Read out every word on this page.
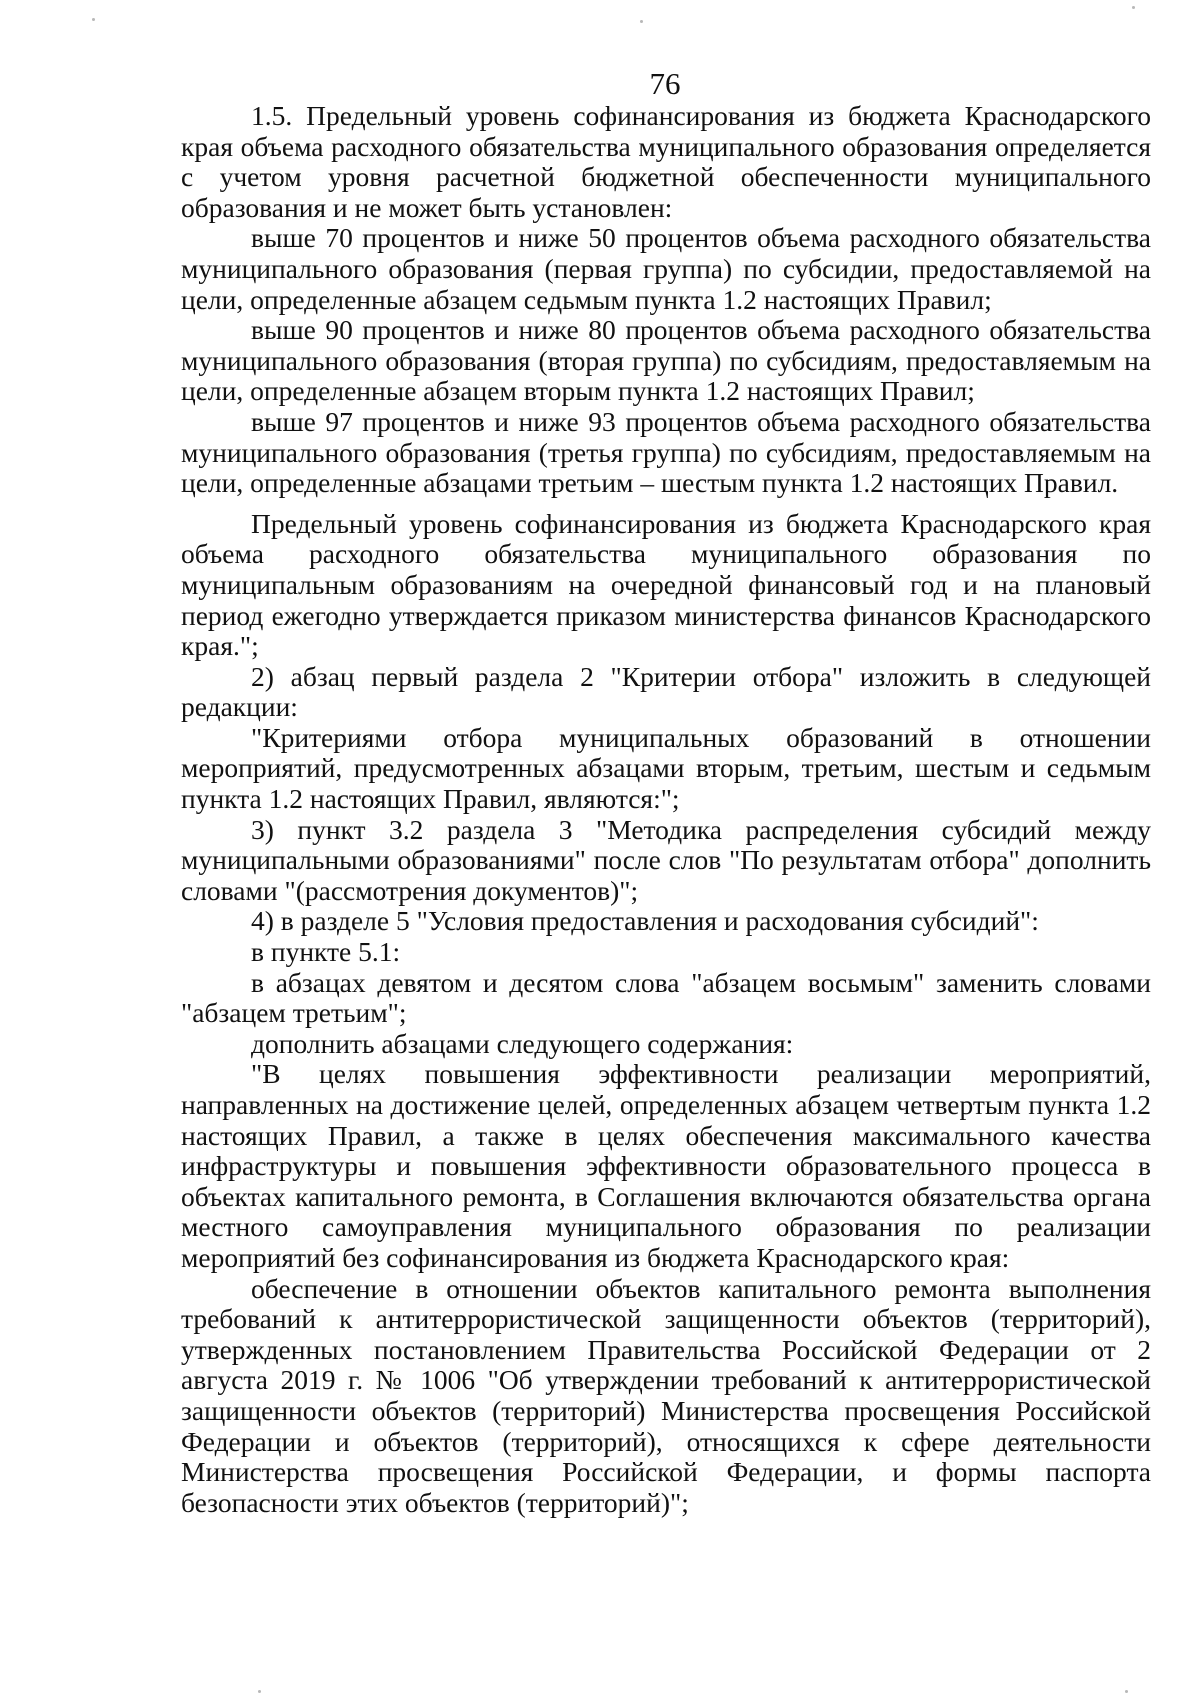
76

1.5. Предельный уровень софинансирования из бюджета Краснодарского края объема расходного обязательства муниципального образования определяется с учетом уровня расчетной бюджетной обеспеченности муниципального образования и не может быть установлен:

выше 70 процентов и ниже 50 процентов объема расходного обязательства муниципального образования (первая группа) по субсидии, предоставляемой на цели, определенные абзацем седьмым пункта 1.2 настоящих Правил;

выше 90 процентов и ниже 80 процентов объема расходного обязательства муниципального образования (вторая группа) по субсидиям, предоставляемым на цели, определенные абзацем вторым пункта 1.2 настоящих Правил;

выше 97 процентов и ниже 93 процентов объема расходного обязательства муниципального образования (третья группа) по субсидиям, предоставляемым на цели, определенные абзацами третьим – шестым пункта 1.2 настоящих Правил.

Предельный уровень софинансирования из бюджета Краснодарского края объема расходного обязательства муниципального образования по муниципальным образованиям на очередной финансовый год и на плановый период ежегодно утверждается приказом министерства финансов Краснодарского края.";

2) абзац первый раздела 2 "Критерии отбора" изложить в следующей редакции:

"Критериями отбора муниципальных образований в отношении мероприятий, предусмотренных абзацами вторым, третьим, шестым и седьмым пункта 1.2 настоящих Правил, являются:";

3) пункт 3.2 раздела 3 "Методика распределения субсидий между муниципальными образованиями" после слов "По результатам отбора" дополнить словами "(рассмотрения документов)";

4) в разделе 5 "Условия предоставления и расходования субсидий":

в пункте 5.1:

в абзацах девятом и десятом слова "абзацем восьмым" заменить словами "абзацем третьим";

дополнить абзацами следующего содержания:

"В целях повышения эффективности реализации мероприятий, направленных на достижение целей, определенных абзацем четвертым пункта 1.2 настоящих Правил, а также в целях обеспечения максимального качества инфраструктуры и повышения эффективности образовательного процесса в объектах капитального ремонта, в Соглашения включаются обязательства органа местного самоуправления муниципального образования по реализации мероприятий без софинансирования из бюджета Краснодарского края:

обеспечение в отношении объектов капитального ремонта выполнения требований к антитеррористической защищенности объектов (территорий), утвержденных постановлением Правительства Российской Федерации от 2 августа 2019 г. № 1006 "Об утверждении требований к антитеррористической защищенности объектов (территорий) Министерства просвещения Российской Федерации и объектов (территорий), относящихся к сфере деятельности Министерства просвещения Российской Федерации, и формы паспорта безопасности этих объектов (территорий)";
